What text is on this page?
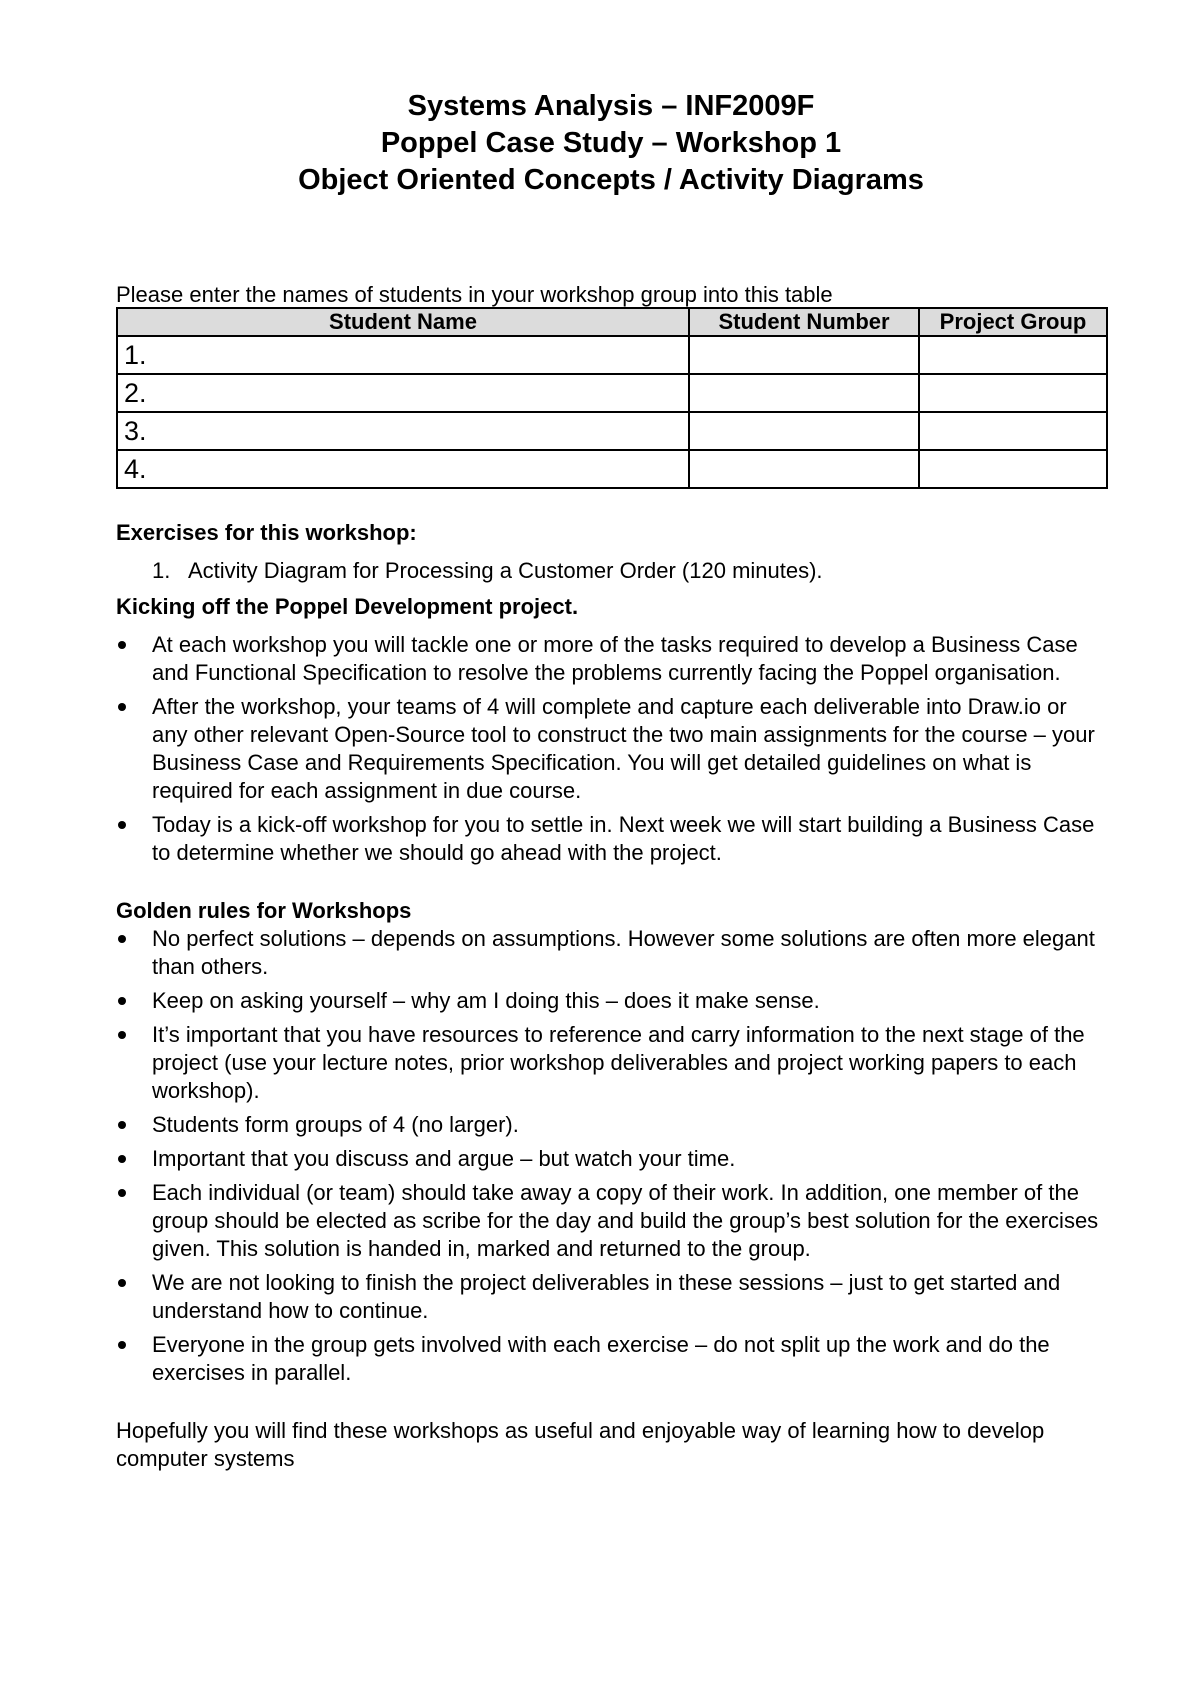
Systems Analysis – INF2009F
Poppel Case Study – Workshop 1
Object Oriented Concepts / Activity Diagrams
Please enter the names of students in your workshop group into this table
Student Name	Student Number	Project Group
1.		
2.		
3.		
4.		
Exercises for this workshop:
1. Activity Diagram for Processing a Customer Order (120 minutes).
Kicking off the Poppel Development project.
At each workshop you will tackle one or more of the tasks required to develop a Business Case and Functional Specification to resolve the problems currently facing the Poppel organisation.
After the workshop, your teams of 4 will complete and capture each deliverable into Draw.io or any other relevant Open-Source tool to construct the two main assignments for the course – your Business Case and Requirements Specification. You will get detailed guidelines on what is required for each assignment in due course.
Today is a kick-off workshop for you to settle in. Next week we will start building a Business Case to determine whether we should go ahead with the project.
Golden rules for Workshops
No perfect solutions – depends on assumptions. However some solutions are often more elegant than others.
Keep on asking yourself – why am I doing this – does it make sense.
It’s important that you have resources to reference and carry information to the next stage of the project (use your lecture notes, prior workshop deliverables and project working papers to each workshop).
Students form groups of 4 (no larger).
Important that you discuss and argue – but watch your time.
Each individual (or team) should take away a copy of their work. In addition, one member of the group should be elected as scribe for the day and build the group’s best solution for the exercises given. This solution is handed in, marked and returned to the group.
We are not looking to finish the project deliverables in these sessions – just to get started and understand how to continue.
Everyone in the group gets involved with each exercise – do not split up the work and do the exercises in parallel.
Hopefully you will find these workshops as useful and enjoyable way of learning how to develop computer systems
